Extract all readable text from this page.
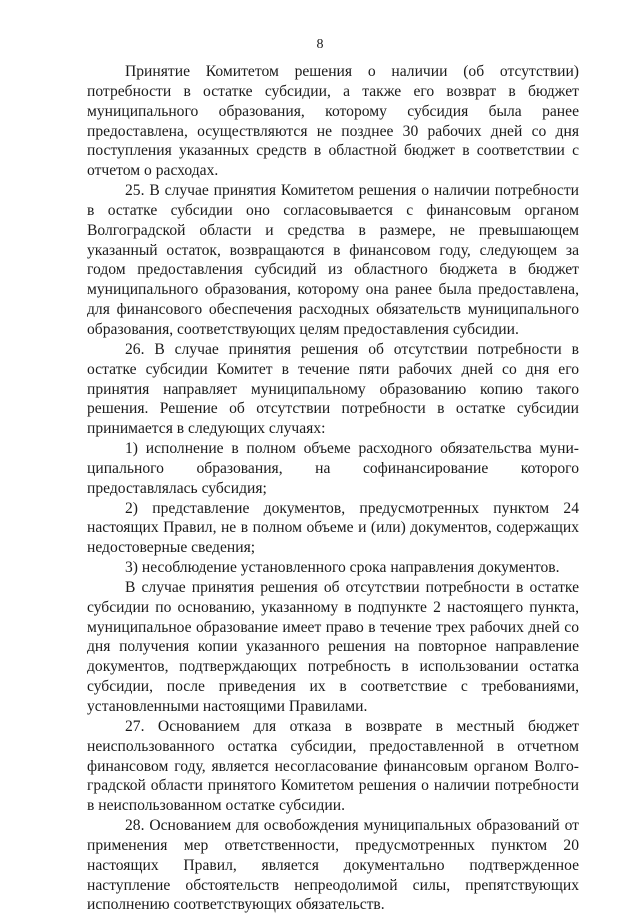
8

Принятие Комитетом решения о наличии (об отсутствии) потребности в остатке субсидии, а также его возврат в бюджет муниципального образования, которому субсидия была ранее предоставлена, осуществляются не позднее 30 рабочих дней со дня поступления указанных средств в областной бюджет в соответствии с отчетом о расходах.

25. В случае принятия Комитетом решения о наличии потребности в остатке субсидии оно согласовывается с финансовым органом Волгоградской области и средства в размере, не превышающем указанный остаток, возвращаются в финансовом году, следующем за годом предоставления субсидий из областного бюджета в бюджет муниципального образования, которому она ранее была предоставлена, для финансового обеспечения расходных обязательств муниципального образования, соответствующих целям предоставления субсидии.

26. В случае принятия решения об отсутствии потребности в остатке субсидии Комитет в течение пяти рабочих дней со дня его принятия направляет муниципальному образованию копию такого решения. Решение об отсутствии потребности в остатке субсидии принимается в следующих случаях:

1) исполнение в полном объеме расходного обязательства муниципального образования, на софинансирование которого предоставлялась субсидия;

2) представление документов, предусмотренных пунктом 24 настоящих Правил, не в полном объеме и (или) документов, содержащих недостоверные сведения;

3) несоблюдение установленного срока направления документов.

В случае принятия решения об отсутствии потребности в остатке субсидии по основанию, указанному в подпункте 2 настоящего пункта, муниципальное образование имеет право в течение трех рабочих дней со дня получения копии указанного решения на повторное направление документов, подтверждающих потребность в использовании остатка субсидии, после приведения их в соответствие с требованиями, установленными настоящими Правилами.

27. Основанием для отказа в возврате в местный бюджет неиспользованного остатка субсидии, предоставленной в отчетном финансовом году, является несогласование финансовым органом Волгоградской области принятого Комитетом решения о наличии потребности в неиспользованном остатке субсидии.

28. Основанием для освобождения муниципальных образований от применения мер ответственности, предусмотренных пунктом 20 настоящих Правил, является документально подтвержденное наступление обстоятельств непреодолимой силы, препятствующих исполнению соответствующих обязательств.
